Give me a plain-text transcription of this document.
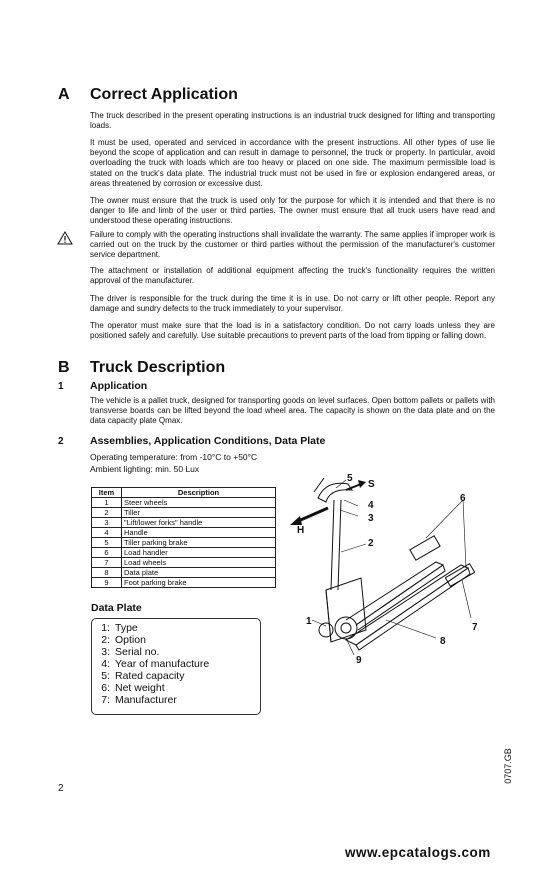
A Correct Application
The truck described in the present operating instructions is an industrial truck designed for lifting and transporting loads.
It must be used, operated and serviced in accordance with the present instructions. All other types of use lie beyond the scope of application and can result in damage to personnel, the truck or property. In particular, avoid overloading the truck with loads which are too heavy or placed on one side. The maximum permissible load is stated on the truck's data plate. The industrial truck must not be used in fire or explosion endangered areas, or areas threatened by corrosion or excessive dust.
The owner must ensure that the truck is used only for the purpose for which it is intended and that there is no danger to life and limb of the user or third parties. The owner must ensure that all truck users have read and understood these operating instructions.
Failure to comply with the operating instructions shall invalidate the warranty. The same applies if improper work is carried out on the truck by the customer or third parties without the permission of the manufacturer's customer service department.
The attachment or installation of additional equipment affecting the truck's functionality requires the written approval of the manufacturer.
The driver is responsible for the truck during the time it is in use. Do not carry or lift other people. Report any damage and sundry defects to the truck immediately to your supervisor.
The operator must make sure that the load is in a satisfactory condition. Do not carry loads unless they are positioned safely and carefully. Use suitable precautions to prevent parts of the load from tipping or falling down.
B Truck Description
1	Application
The vehicle is a pallet truck, designed for transporting goods on level surfaces. Open bottom pallets or pallets with transverse boards can be lifted beyond the load wheel area. The capacity is shown on the data plate and on the data capacity plate Qmax.
2	Assemblies, Application Conditions, Data Plate
Operating temperature: from -10°C to +50°C
Ambient lighting: min. 50 Lux
Item	Description
1	Steer wheels
2	Tiller
3	"Lift/lower forks" handle
4	Handle
5	Tiller parking brake
6	Load handler
7	Load wheels
8	Data plate
9	Foot parking brake
Data Plate
1: Type
2: Option
3: Serial no.
4: Year of manufacture
5: Rated capacity
6: Net weight
7: Manufacturer
5
S
4
3
H
2
6
1
7
8
9
0707.GB
2
www.epcatalogs.com
